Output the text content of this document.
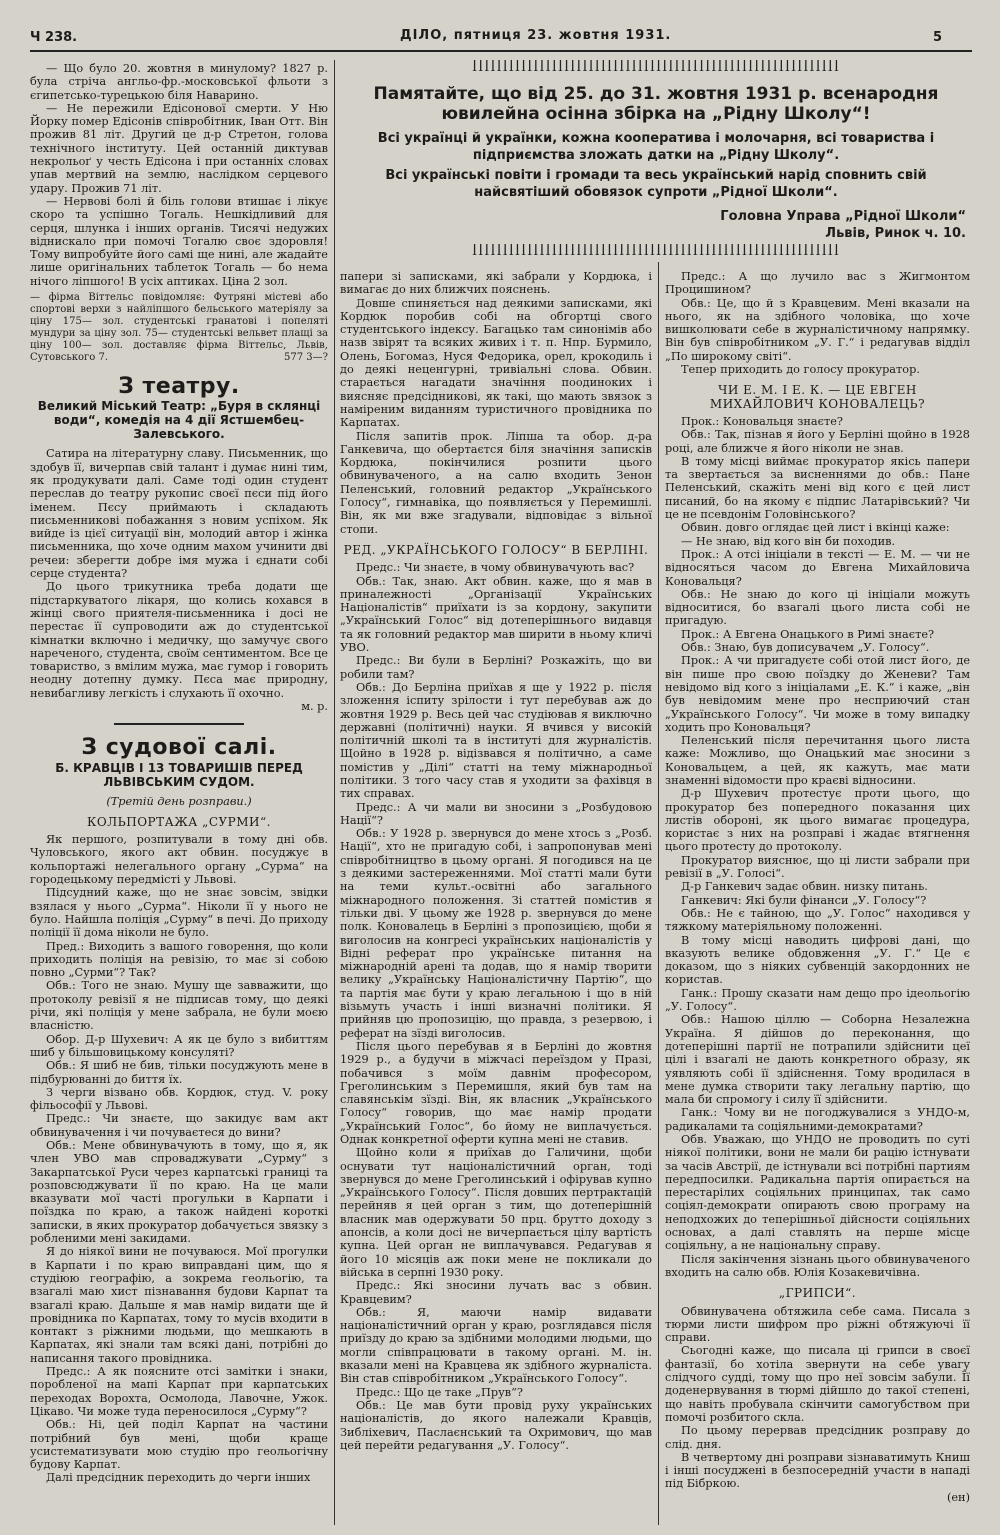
Ч 238.	ДІЛО, пятниця 23. жовтня 1931.	5
ꟾꟾꟾꟾꟾꟾꟾꟾꟾꟾꟾꟾꟾꟾꟾꟾꟾꟾꟾꟾꟾꟾꟾꟾꟾꟾꟾꟾꟾꟾꟾꟾꟾꟾꟾꟾꟾꟾꟾꟾꟾꟾꟾꟾꟾꟾꟾꟾꟾꟾꟾꟾꟾꟾꟾꟾꟾꟾꟾꟾ
Памятайте, що від 25. до 31. жовтня 1931 р. всенародня ювилейна осінна збірка на „Рідну Школу“!
Всі українці й українки, кожна кооператива і молочарня, всі товариства і підприємства зложать датки на „Рідну Школу“.
Всі українські повіти і громади та весь український нарід сповнить свій найсвятіший обовязок супроти „Рідної Школи“.
Головна Управа „Рідної Школи“
Львів, Ринок ч. 10.
ꟾꟾꟾꟾꟾꟾꟾꟾꟾꟾꟾꟾꟾꟾꟾꟾꟾꟾꟾꟾꟾꟾꟾꟾꟾꟾꟾꟾꟾꟾꟾꟾꟾꟾꟾꟾꟾꟾꟾꟾꟾꟾꟾꟾꟾꟾꟾꟾꟾꟾꟾꟾꟾꟾꟾꟾꟾꟾꟾꟾ

— Що було 20. жовтня в минулому? 1827 р. була стріча англьо-фр.-московської фльоти з єгипетсько-турецькою біля Наварино.

— Не пережили Едісонової смерти. У Ню Йорку помер Едісонів співробітник, Іван Отт. Він прожив 81 літ. Другий це д-р Стретон, голова технічного інституту. Цей останній диктував некрольоґ у честь Едісона і при останніх словах упав мертвий на землю, наслідком серцевого удару. Прожив 71 літ.

— Нервові болі й біль голови втишає і лікує скоро та успішно Тогаль. Нешкідливий для серця, шлунка і інших органів. Тисячі недужих віднискало при помочі Тогалю своє здоровля! Тому випробуйте його самі ще нині, але жадайте лише оригінальних таблеток Тогаль — бо нема нічого ліпшого! В усіх аптиках. Ціна 2 зол.

— фірма Віттельс повідомляє: Футряні містеві або спортові верхи з найліпшого бельського матеріялу за ціну 175— зол. студентські гранатові і попеляті мундури за ціну зол. 75— студентські вельвет плащі за ціну 100— зол. доставляє фірма Віттельс, Львів, Сутовського 7.	577 3—?
З театру.
Великий Міський Театр: „Буря в склянці води“, комедія на 4 дії Ястшембец-Залевського.

Сатира на літературну славу. Письменник, що здобув її, вичерпав свій талант і думає нині тим, як продукувати далі. Саме тоді один студент переслав до театру рукопис своєї пєси під його іменем. Пєсу приймають і складають письменникові побажання з новим успіхом. Як вийде із цієї ситуації він, молодий автор і жінка письменника, що хоче одним махом учинити дві речеи: зберегти добре імя мужа і єднати собі серце студента?

До цього трикутника треба додати ще підстаркуватого лікаря, що колись кохався в жінці свого приятеля-письменника і досі не перестає її супроводити аж до студентської кімнатки включно і медичку, що замучує свого нареченого, студента, своїм сентиментом. Все це товариство, з вмілим мужа, має гумор і говорить неодну дотепну думку. Пєса має природну, невибагливу легкість і слухають її охочно.

м. р.
З судової салі.
Б. КРАВЦІВ І 13 ТОВАРИШІВ ПЕРЕД ЛЬВІВСЬКИМ СУДОМ.
(Третій день розправи.)
КОЛЬПОРТАЖА „СУРМИ“.

Як першого, розпитували в тому дні обв. Чуловського, якого акт обвин. посуджує в кольпортажі нелегального органу „Сурма“ на городецькому передмісті у Львові.

Підсудний каже, що не знає зовсім, звідки взялася у нього „Сурма“. Ніколи її у нього не було. Найшла поліція „Сурму“ в печі. До приходу поліції її дома ніколи не було.

Пред.: Виходить з вашого говорення, що коли приходить поліція на ревізію, то має зі собою повно „Сурми“? Так?

Обв.: Того не знаю. Мушу ще завважити, що протоколу ревізії я не підписав тому, що деякі річи, які поліція у мене забрала, не були моєю власністю.

Обор. Д-р Шухевич: А як це було з вибиттям шиб у більшовицькому консуляті?

Обв.: Я шиб не бив, тільки посуджують мене в підбурюванні до биття їх.

З черги візвано обв. Кордюк, студ. V. року фільософії у Львові.

Предс.: Чи знаєте, що закидує вам акт обвинувачення і чи почуваєтеся до вини?

Обв.: Мене обвинувачують в тому, що я, як член УВО мав спроваджувати „Сурму“ з Закарпатської Руси через карпатські границі та розповсюджувати її по краю. На це мали вказувати мої часті прогульки в Карпати і поїздка по краю, а також найдені короткі записки, в яких прокуратор добачується звязку з робленими мені закидами.

Я до ніякої вини не почуваюся. Мої прогулки в Карпати і по краю виправдані цим, що я студіюю географію, а зокрема геольогію, та взагалі маю хист пізнавання будови Карпат та взагалі краю. Дальше я мав намір видати ще й провідника по Карпатах, тому то мусів входити в контакт з ріжними людьми, що мешкають в Карпатах, які знали там всякі дані, потрібні до написання такого провідника.

Предс.: А як поясните отсі замітки і знаки, поробленої на мапі Карпат при карпатських переходах Ворохта, Осмолода, Лавочне, Ужок. Цікаво. Чи може туда переносилося „Сурму“?

Обв.: Ні, цей поділ Карпат на частини потрібний був мені, щоби краще усистематизувати мою студію про геольогічну будову Карпат.

Далі предсідник переходить до черги інших

папери зі записками, які забрали у Кордюка, і вимагає до них ближчих пояснень.

Довше спиняється над деякими записками, які Кордюк поробив собі на обгортці свого студентського індексу. Багацько там синонімів або назв звірят та всяких живих і т. п. Нпр. Бурмило, Олень, Богомаз, Нуся Федорика, орел, крокодиль і до деякі неценгурні, тривіальні слова. Обвин. старається нагадати значіння поодиноких і виясняє предсідникові, як такі, що мають звязок з наміреним виданням туристичного провідника по Карпатах.

Після запитів прок. Ліпша та обор. д-ра Ганкевича, що обертаєтся біля значіння записків Кордюка, покінчилися розпити цього обвинуваченого, а на салю входить Зенон Пеленський, головний редактор „Українського Голосу“, гимнавіка, що появляється у Перемишлі. Він, як ми вже згадували, відповідає з вільної стопи.

РЕД. „УКРАЇНСЬКОГО ГОЛОСУ“ В БЕРЛІНІ.

Предс.: Чи знаєте, в чому обвинувачують вас?

Обв.: Так, знаю. Акт обвин. каже, що я мав в приналежності „Організації Українських Націоналістів“ приїхати із за кордону, закупити „Український Голос“ від дотеперішнього видавця та як головний редактор мав ширити в ньому кличі УВО.

Предс.: Ви були в Берліні? Розкажіть, що ви робили там?

Обв.: До Берліна приїхав я ще у 1922 р. після зложення іспиту зрілости і тут перебував аж до жовтня 1929 р. Весь цей час студіював я виключно державні (політичні) науки. Я вчився у високій політичній школі та в інституті для журналістів. Щойно в 1928 р. відізвався я політично, а саме помістив у „Ділі“ статті на тему міжнародньої політики. З того часу став я уходити за фахівця в тих справах.

Предс.: А чи мали ви зносини з „Розбудовою Нації“?

Обв.: У 1928 р. звернувся до мене хтось з „Розб. Нації“, хто не пригадую собі, і запропонував мені співробітництво в цьому органі. Я погодився на це з деякими застереженнями. Мої статті мали бути на теми культ.-освітні або загального міжнародного положення. Зі статтей помістив я тільки дві. У цьому же 1928 р. звернувся до мене полк. Коновалець в Берліні з пропозицією, щоби я виголосив на конгресі українських націоналістів у Відні реферат про українське питання на міжнародній арені та додав, що я намір творити велику „Українську Націоналістичну Партію“, що та партія має бути у краю легальною і що в ній візьмуть участь і інші визначні політики. Я прийняв цю пропозицію, що правда, з резервою, і реферат на зїзді виголосив.

Після цього перебував я в Берліні до жовтня 1929 р., а будучи в міжчасі переїздом у Празі, побачився з моїм давнім професором, Греголинським з Перемишля, який був там на славянськім зїзді. Він, як власник „Українського Голосу“ говорив, що має намір продати „Український Голос“, бо йому не виплачується. Однак конкретної оферти купна мені не ставив.

Щойно коли я приїхав до Галичини, щоби оснувати тут націоналістичний орган, тоді звернувся до мене Греголинський і офірував купно „Українського Голосу“. Після довших пертрактацій перейняв я цей орган з тим, що дотеперішній власник мав одержувати 50 прц. брутто доходу з апонсів, а коли досі не вичерпається цілу вартість купна. Цей орган не виплачувався. Редагував я його 10 місяців аж поки мене не покликали до війська в серпні 1930 року.

Предс.: Які зносини лучать вас з обвин. Кравцевим?

Обв.: Я, маючи намір видавати націоналістичний орган у краю, розглядався після приїзду до краю за здібними молодими людьми, що могли співпрацювати в такому органі. М. ін. вказали мені на Кравцева як здібного журналіста. Він став співробітником „Українського Голосу“.

Предс.: Що це таке „Прув“?

Обв.: Це мав бути провід руху українських націоналістів, до якого належали Кравців, Зибліхевич, Паслаєнський та Охримович, що мав цей перейти редагування „У. Голосу“.

Предс.: А що лучило вас з Жигмонтом Процишином?

Обв.: Це, що й з Кравцевим. Мені вказали на нього, як на здібного чоловіка, що хоче вишколювати себе в журналістичному напрямку. Він був співробітником „У. Г.“ і редагував відділ „По широкому світі“.

Тепер приходить до голосу прокуратор.

ЧИ Е. М. І Е. К. — ЦЕ ЕВГЕН МИХАЙЛОВИЧ КОНОВАЛЕЦЬ?

Прок.: Коновальця знаєте?

Обв.: Так, пізнав я його у Берліні щойно в 1928 році, але ближче я його ніколи не знав.

В тому місці виймає прокуратор якісь папери та звертається за висненнями до обв.: Пане Пеленський, скажіть мені від кого є цей лист писаний, бо на якому є підпис Латарівський? Чи це не псевдонім Головінського?

Обвин. довго оглядає цей лист і вкінці каже:

— Не знаю, від кого він би походив.

Прок.: А отсі ініціали в тексті — Е. М. — чи не відносяться часом до Евгена Михайловича Коновальця?

Обв.: Не знаю до кого ці ініціали можуть відноситися, бо взагалі цього листа собі не пригадую.

Прок.: А Евгена Онацького в Римі знаєте?

Обв.: Знаю, був дописувачем „У. Голосу“.

Прок.: А чи пригадуєте собі отой лист його, де він пише про свою поїздку до Женеви? Там невідомо від кого з ініціалами „Е. К.“ і каже, „він був невідомим мене про несприючий стан „Українського Голосу“. Чи може в тому випадку ходить про Коновальця?

Пеленський після перечитання цього листа каже: Можливо, що Онацький має зносини з Коновальцем, а цей, як кажуть, має мати знаменні відомости про краєві відносини.

Д-р Шухевич протестує проти цього, що прокуратор без попередного показання цих листів обороні, як цього вимагає процедура, користає з них на розправі і жадає втягнення цього протесту до протоколу.

Прокуратор вияснює, що ці листи забрали при ревізії в „У. Голосі“.

Д-р Ганкевич задає обвин. низку питань.

Ганкевич: Які були фінанси „У. Голосу“?

Обв.: Не є тайною, що „У. Голос“ находився у тяжкому матеріяльному положенні.

В тому місці наводить цифрові дані, що вказують велике обдовження „У. Г.“ Це є доказом, що з ніяких субвенцій закордонних не користав.

Ганк.: Прошу сказати нам дещо про ідеольогію „У. Голосу“.

Обв.: Нашою ціллю — Соборна Незалежна Україна. Я дійшов до переконання, що дотеперішні партії не потрапили здійснити цеї цілі і взагалі не дають конкретного образу, як уявляють собі її здійснення. Тому вродилася в мене думка створити таку легальну партію, що мала би спромогу і силу її здійснити.

Ганк.: Чому ви не погоджувалися з УНДО-м, радикалами та соціяльними-демократами?

Обв. Уважаю, що УНДО не проводить по суті ніякої політики, вони не мали би рацію істнувати за часів Австрії, де істнували всі потрібні партиям передпосилки. Радикальна партія опирається на перестарілих соціяльних принципах, так само соціял-демократи опирають свою програму на неподхожих до теперішньої дійсности соціяльних основах, а далі ставлять на перше місце соціяльну, а не національну справу.

Після закінчення зізнань цього обвинуваченого входить на салю обв. Юлія Козакевичівна.

„ГРИПСИ“.

Обвинувачена обтяжила себе сама. Писала з тюрми листи шифром про ріжні обтяжуючі її справи.

Сьогодні каже, що писала ці грипси в своєї фантазії, бо хотіла звернути на себе увагу слідчого судді, тому що про неї зовсім забули. Її доденервування в тюрмі дійшло до такої степені, що навіть пробувала скінчити самогубством при помочі розбитого скла.

По цьому перервав предсідник розправу до слід. дня.

В четвертому дні розправи зізнаватимуть Книш і інші посуджені в безпосередній участи в нападі під Бібркою.

(ен)
